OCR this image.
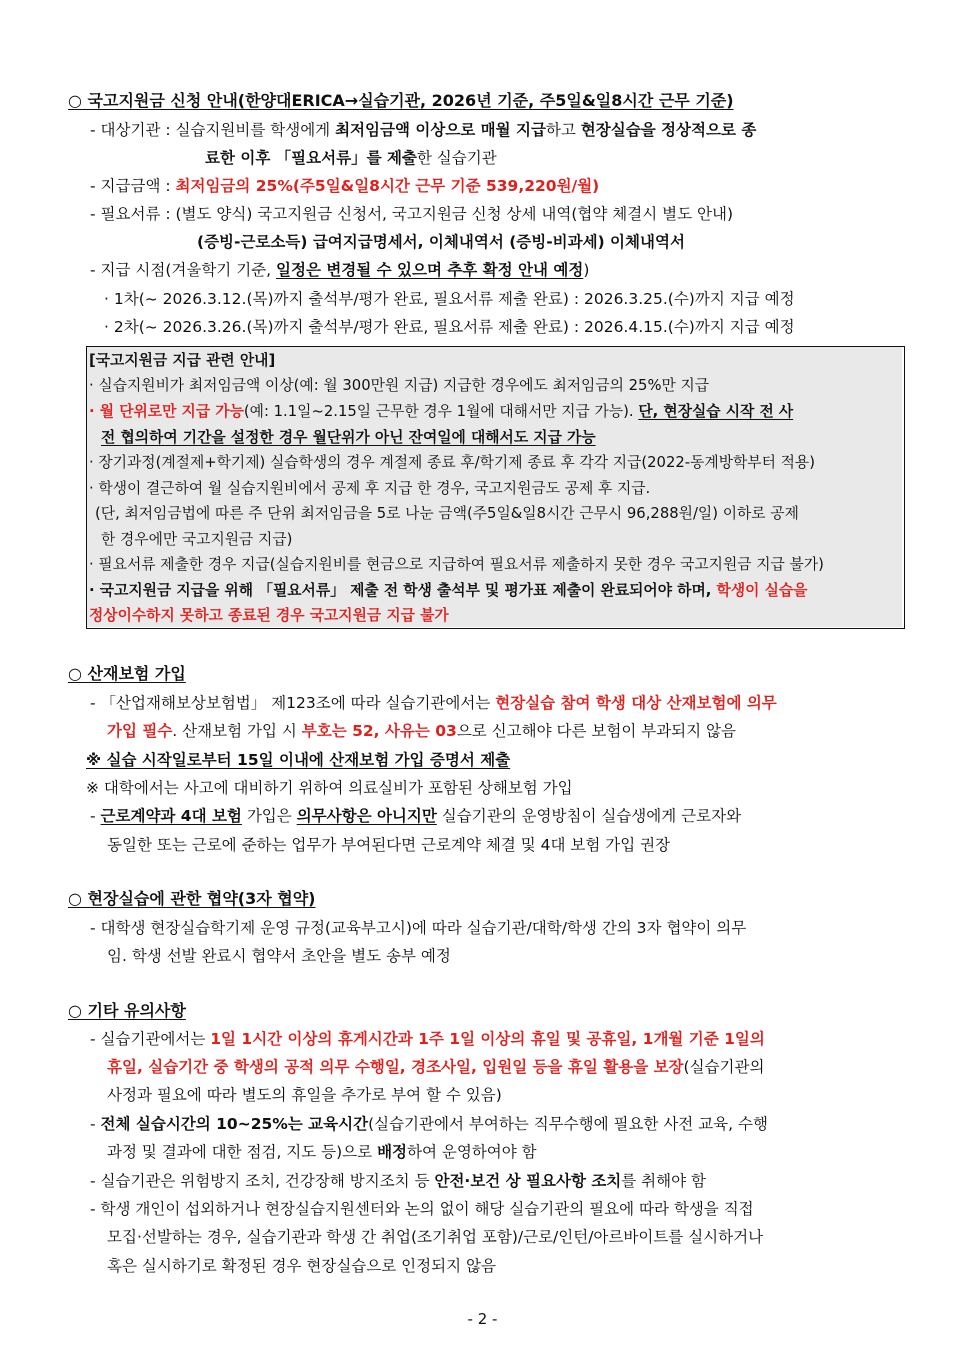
○ 국고지원금 신청 안내(한양대ERICA→실습기관, 2026년 기준, 주5일&일8시간 근무 기준)
- 대상기관 : 실습지원비를 학생에게 최저임금액 이상으로 매월 지급하고 현장실습을 정상적으로 종
료한 이후 「필요서류」를 제출한 실습기관
- 지급금액 : 최저임금의 25%(주5일&일8시간 근무 기준 539,220원/월)
- 필요서류 : (별도 양식) 국고지원금 신청서, 국고지원금 신청 상세 내역(협약 체결시 별도 안내)
(증빙-근로소득) 급여지급명세서, 이체내역서 (증빙-비과세) 이체내역서
- 지급 시점(겨울학기 기준, 일정은 변경될 수 있으며 추후 확정 안내 예정)
· 1차(~ 2026.3.12.(목)까지 출석부/평가 완료, 필요서류 제출 완료) : 2026.3.25.(수)까지 지급 예정
· 2차(~ 2026.3.26.(목)까지 출석부/평가 완료, 필요서류 제출 완료) : 2026.4.15.(수)까지 지급 예정
[국고지원금 지급 관련 안내]
· 실습지원비가 최저임금액 이상(예: 월 300만원 지급) 지급한 경우에도 최저임금의 25%만 지급
· 월 단위로만 지급 가능(예: 1.1일~2.15일 근무한 경우 1월에 대해서만 지급 가능). 단, 현장실습 시작 전 사
전 협의하여 기간을 설정한 경우 월단위가 아닌 잔여일에 대해서도 지급 가능
· 장기과정(계절제+학기제) 실습학생의 경우 계절제 종료 후/학기제 종료 후 각각 지급(2022-동계방학부터 적용)
· 학생이 결근하여 월 실습지원비에서 공제 후 지급 한 경우, 국고지원금도 공제 후 지급.
(단, 최저임금법에 따른 주 단위 최저임금을 5로 나눈 금액(주5일&일8시간 근무시 96,288원/일) 이하로 공제
한 경우에만 국고지원금 지급)
· 필요서류 제출한 경우 지급(실습지원비를 현금으로 지급하여 필요서류 제출하지 못한 경우 국고지원금 지급 불가)
· 국고지원금 지급을 위해 「필요서류」 제출 전 학생 출석부 및 평가표 제출이 완료되어야 하며, 학생이 실습을
정상이수하지 못하고 종료된 경우 국고지원금 지급 불가
○ 산재보험 가입
- 「산업재해보상보험법」 제123조에 따라 실습기관에서는 현장실습 참여 학생 대상 산재보험에 의무
가입 필수. 산재보험 가입 시 부호는 52, 사유는 03으로 신고해야 다른 보험이 부과되지 않음
※ 실습 시작일로부터 15일 이내에 산재보험 가입 증명서 제출
※ 대학에서는 사고에 대비하기 위하여 의료실비가 포함된 상해보험 가입
- 근로계약과 4대 보험 가입은 의무사항은 아니지만 실습기관의 운영방침이 실습생에게 근로자와
동일한 또는 근로에 준하는 업무가 부여된다면 근로계약 체결 및 4대 보험 가입 권장
○ 현장실습에 관한 협약(3자 협약)
- 대학생 현장실습학기제 운영 규정(교육부고시)에 따라 실습기관/대학/학생 간의 3자 협약이 의무
임. 학생 선발 완료시 협약서 초안을 별도 송부 예정
○ 기타 유의사항
- 실습기관에서는 1일 1시간 이상의 휴게시간과 1주 1일 이상의 휴일 및 공휴일, 1개월 기준 1일의
휴일, 실습기간 중 학생의 공적 의무 수행일, 경조사일, 입원일 등을 휴일 활용을 보장(실습기관의
사정과 필요에 따라 별도의 휴일을 추가로 부여 할 수 있음)
- 전체 실습시간의 10~25%는 교육시간(실습기관에서 부여하는 직무수행에 필요한 사전 교육, 수행
과정 및 결과에 대한 점검, 지도 등)으로 배정하여 운영하여야 함
- 실습기관은 위험방지 조치, 건강장해 방지조치 등 안전·보건 상 필요사항 조치를 취해야 함
- 학생 개인이 섭외하거나 현장실습지원센터와 논의 없이 해당 실습기관의 필요에 따라 학생을 직접
모집·선발하는 경우, 실습기관과 학생 간 취업(조기취업 포함)/근로/인턴/아르바이트를 실시하거나
혹은 실시하기로 확정된 경우 현장실습으로 인정되지 않음
- 2 -
